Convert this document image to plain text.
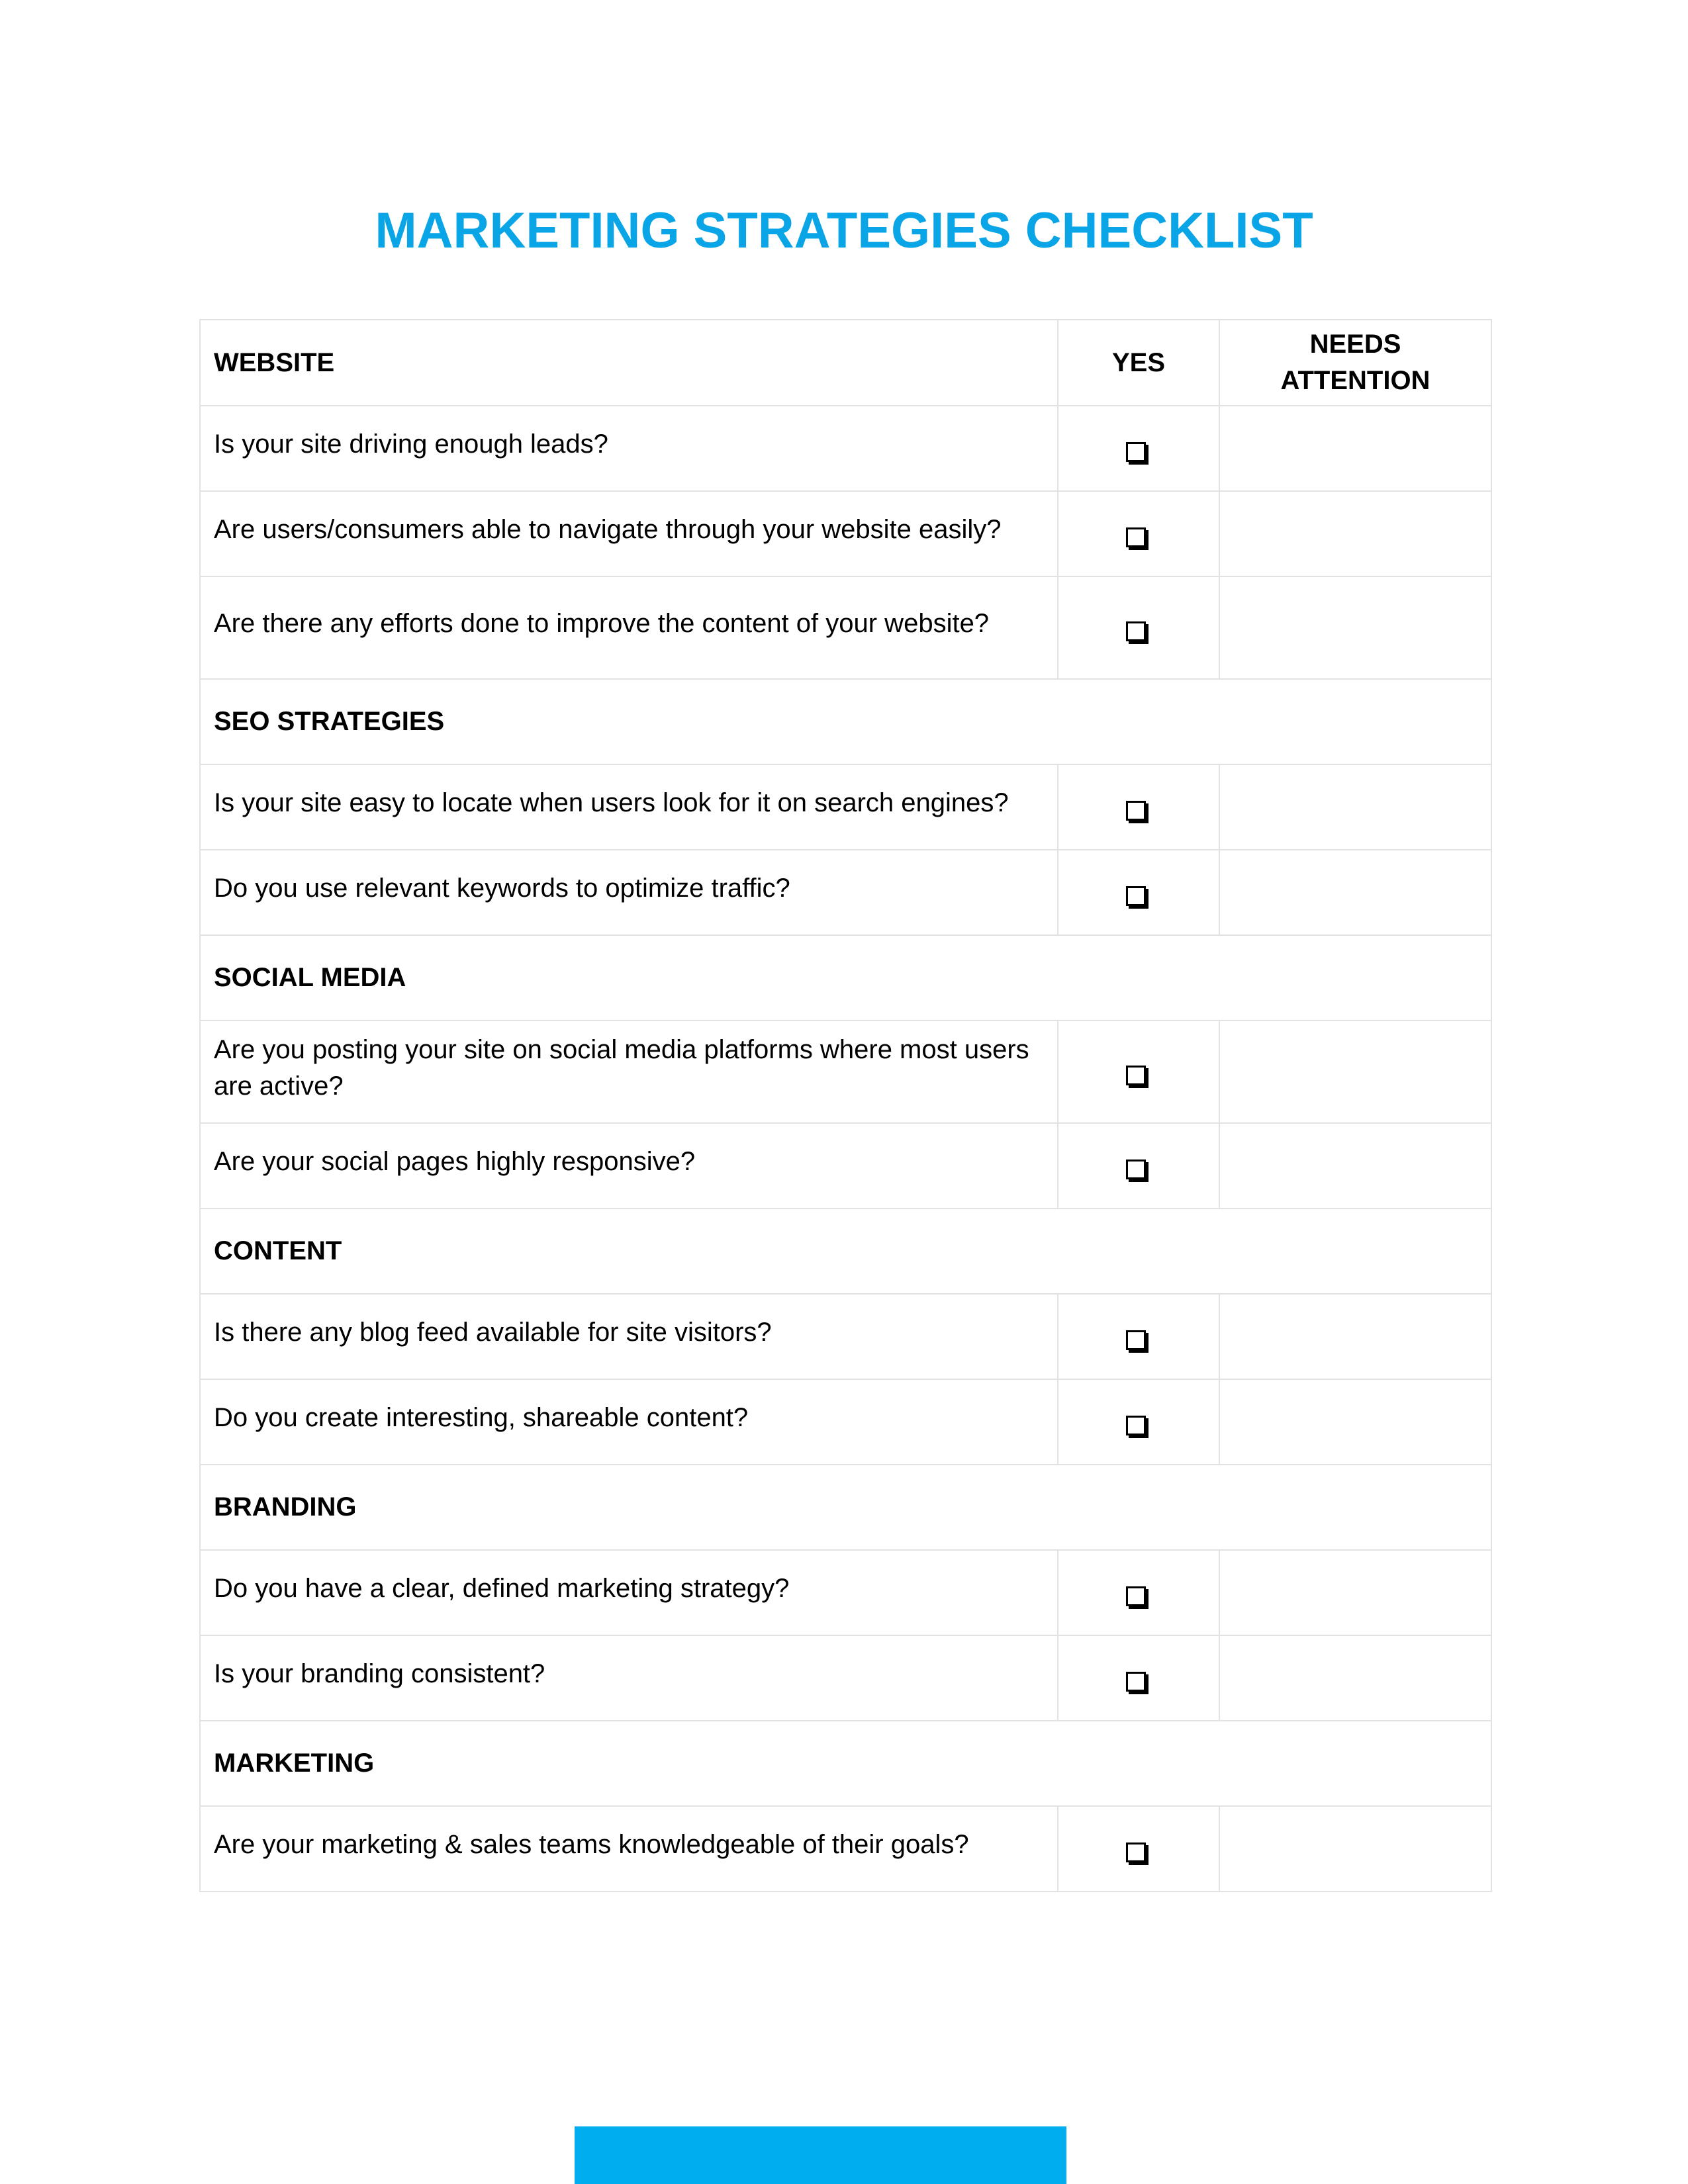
MARKETING STRATEGIES CHECKLIST
WEBSITE	YES	NEEDS ATTENTION

Is your site driving enough leads?		

Are users/consumers able to navigate through your website easily?		

Are there any efforts done to improve the content of your website?		

SEO STRATEGIES		

Is your site easy to locate when users look for it on search engines?		

Do you use relevant keywords to optimize traffic?		

SOCIAL MEDIA		

Are you posting your site on social media platforms where most users are active?		

Are your social pages highly responsive?		

CONTENT		

Is there any blog feed available for site visitors?		

Do you create interesting, shareable content?		

BRANDING		

Do you have a clear, defined marketing strategy?		

Is your branding consistent?		

MARKETING		

Are your marketing & sales teams knowledgeable of their goals?		
